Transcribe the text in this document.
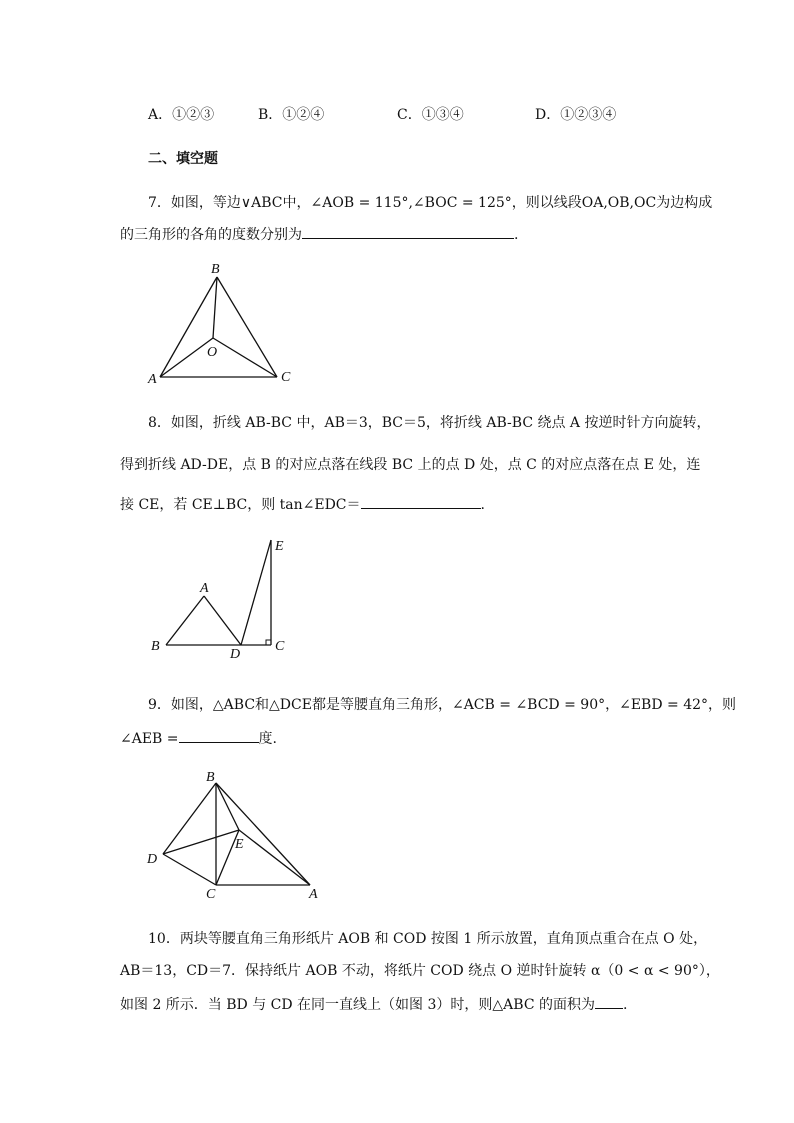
A．①②③	B．①②④	C．①③④	D．①②③④
二、填空题
7．如图，等边∨ABC中，∠AOB = 115°,∠BOC = 125°，则以线段OA,OB,OC为边构成
的三角形的各角的度数分别为	.
B
A	C
O
8．如图，折线 AB-BC 中，AB＝3，BC＝5，将折线 AB-BC 绕点 A 按逆时针方向旋转，
得到折线 AD-DE，点 B 的对应点落在线段 BC 上的点 D 处，点 C 的对应点落在点 E 处，连
接 CE，若 CE⊥BC，则 tan∠EDC＝	.
E
A
B
D
C
9．如图，△ABC和△DCE都是等腰直角三角形，∠ACB = ∠BCD = 90°，∠EBD = 42°，则
∠AEB =	度.
B
E
D
C	A
10．两块等腰直角三角形纸片 AOB 和 COD 按图 1 所示放置，直角顶点重合在点 O 处，
AB＝13，CD＝7．保持纸片 AOB 不动，将纸片 COD 绕点 O 逆时针旋转 α（0 < α < 90°），
如图 2 所示．当 BD 与 CD 在同一直线上（如图 3）时，则△ABC 的面积为 .
